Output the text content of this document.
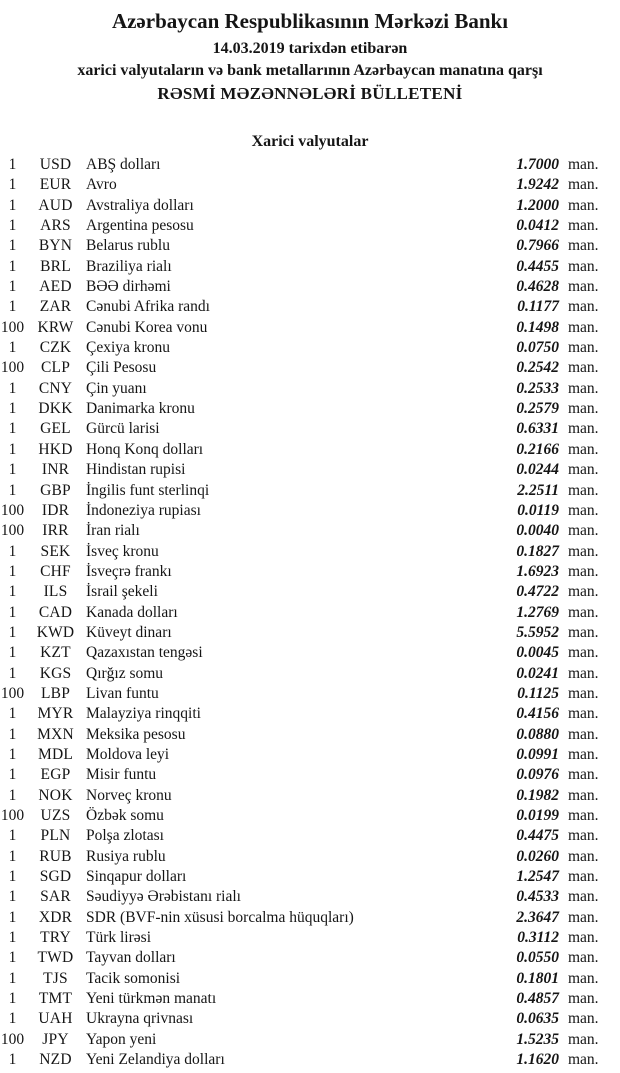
Azərbaycan Respublikasının Mərkəzi Bankı
14.03.2019 tarixdən etibarən
xarici valyutaların və bank metallarının Azərbaycan manatına qarşı
RƏSMİ MƏZƏNNƏLƏRİ BÜLLETENİ
Xarici valyutalar
1	USD ABŞ dolları	1.7000 man.
1	EUR Avro	1.9242 man.
1	AUD Avstraliya dolları	1.2000 man.
1	ARS Argentina pesosu	0.0412 man.
1	BYN Belarus rublu	0.7966 man.
1	BRL Braziliya rialı	0.4455 man.
1	AED BƏƏ dirhəmi	0.4628 man.
1	ZAR Cənubi Afrika randı	0.1177 man.
100 KRW Cənubi Korea vonu	0.1498 man.
1	CZK Çexiya kronu	0.0750 man.
100	CLP	Çili Pesosu	0.2542 man.
1	CNY Çin yuanı	0.2533 man.
1	DKK Danimarka kronu	0.2579 man.
1	GEL Gürcü larisi	0.6331 man.
1	HKD Honq Konq dolları	0.2166 man.
1	INR	Hindistan rupisi	0.0244 man.
1	GBP İngilis funt sterlinqi	2.2511 man.
100	IDR	İndoneziya rupiası	0.0119 man.
100	IRR	İran rialı	0.0040 man.
1	SEK	İsveç kronu	0.1827 man.
1	CHF İsveçrə frankı	1.6923 man.
1	ILS	İsrail şekeli	0.4722 man.
1	CAD Kanada dolları	1.2769 man.
1	KWD Küveyt dinarı	5.5952 man.
1	KZT Qazaxıstan tengəsi	0.0045 man.
1	KGS Qırğız somu	0.0241 man.
100	LBP	Livan funtu	0.1125 man.
1	MYR Malayziya rinqqiti	0.4156 man.
1	MXN Meksika pesosu	0.0880 man.
1	MDL Moldova leyi	0.0991 man.
1	EGP	Misir funtu	0.0976 man.
1	NOK Norveç kronu	0.1982 man.
100	UZS	Özbək somu	0.0199 man.
1	PLN	Polşa zlotası	0.4475 man.
1	RUB Rusiya rublu	0.0260 man.
1	SGD Sinqapur dolları	1.2547 man.
1	SAR Səudiyyə Ərəbistanı rialı	0.4533 man.
1	XDR SDR (BVF-nin xüsusi borcalma hüquqları)	2.3647 man.
1	TRY Türk lirəsi	0.3112 man.
1	TWD Tayvan dolları	0.0550 man.
1	TJS	Tacik somonisi	0.1801 man.
1	TMT Yeni türkmən manatı	0.4857 man.
1	UAH Ukrayna qrivnası	0.0635 man.
100	JPY	Yapon yeni	1.5235 man.
1	NZD Yeni Zelandiya dolları	1.1620 man.
